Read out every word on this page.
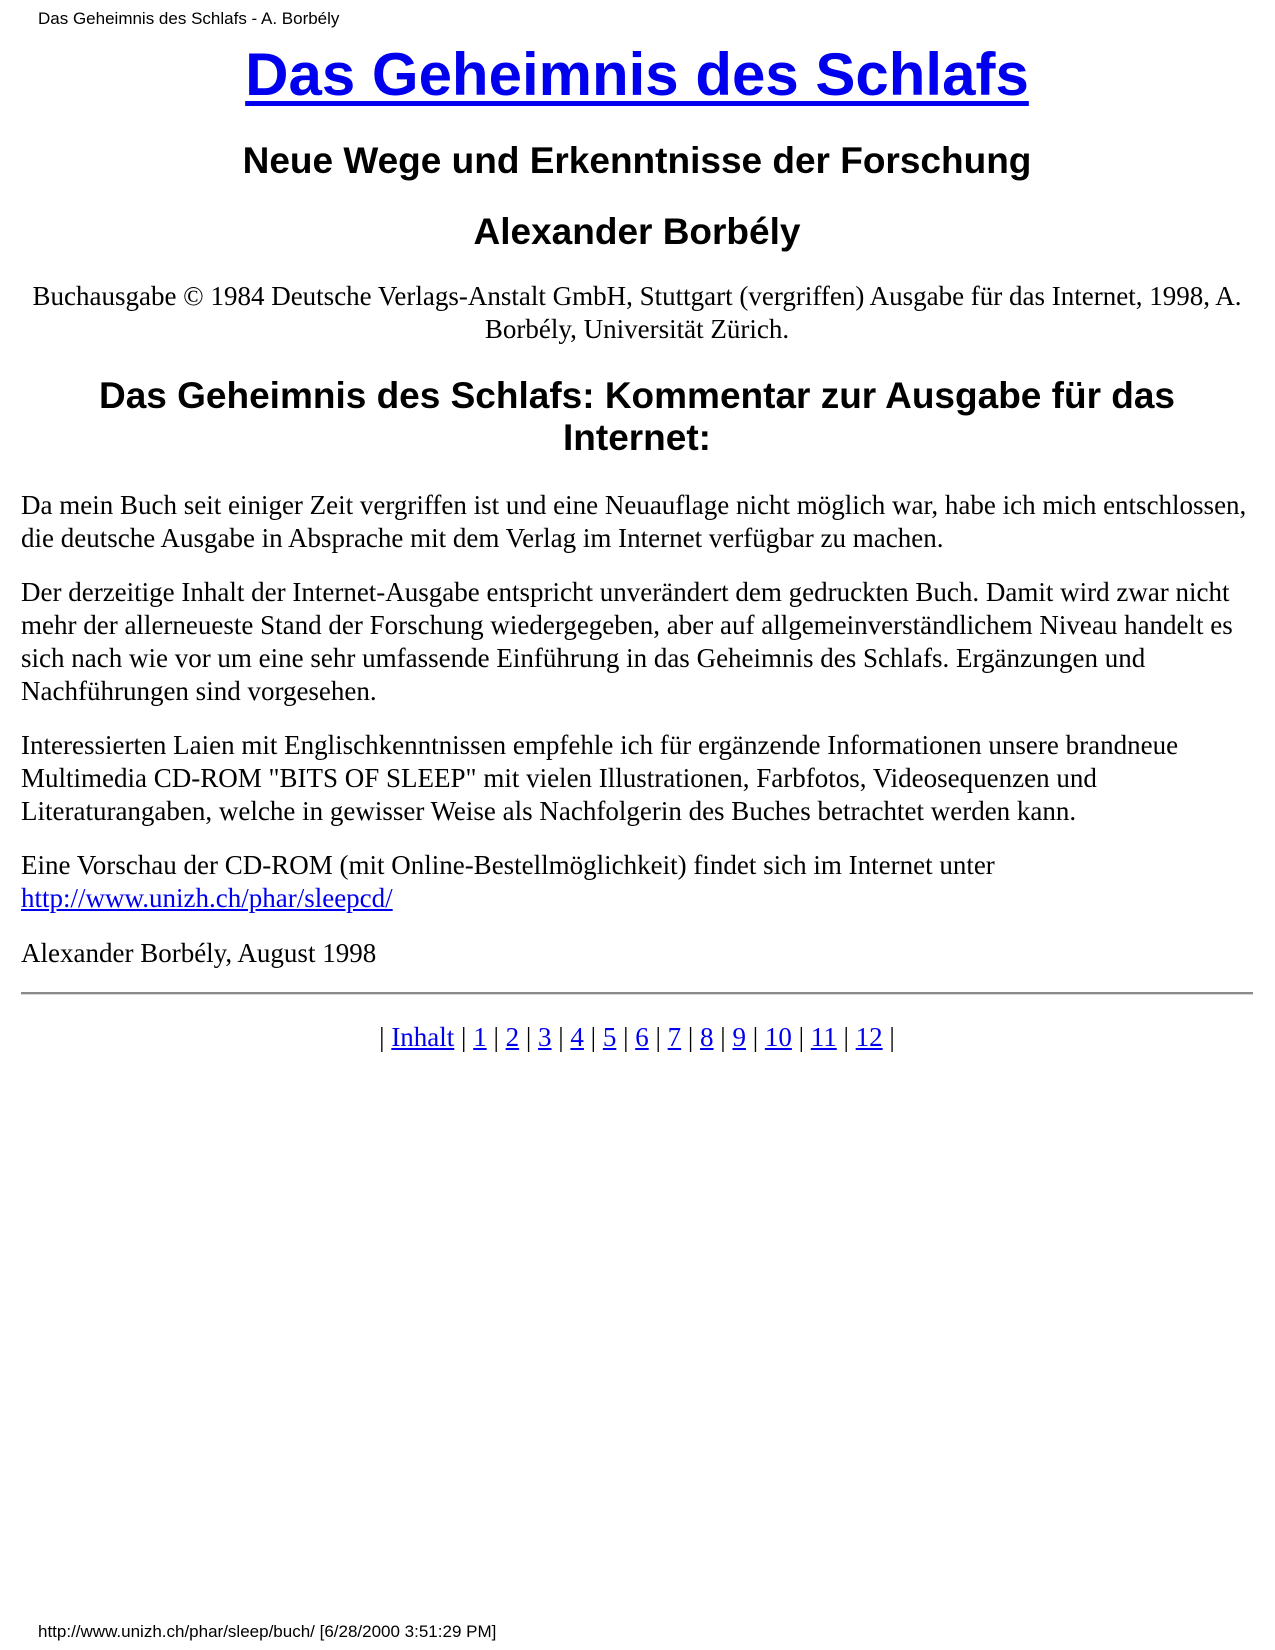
Das Geheimnis des Schlafs - A. Borbély
Das Geheimnis des Schlafs
Neue Wege und Erkenntnisse der Forschung
Alexander Borbély

Buchausgabe © 1984 Deutsche Verlags-Anstalt GmbH, Stuttgart (vergriffen) Ausgabe für das Internet, 1998, A. Borbély, Universität Zürich.

Das Geheimnis des Schlafs: Kommentar zur Ausgabe für das Internet:

Da mein Buch seit einiger Zeit vergriffen ist und eine Neuauflage nicht möglich war, habe ich mich entschlossen, die deutsche Ausgabe in Absprache mit dem Verlag im Internet verfügbar zu machen.

Der derzeitige Inhalt der Internet-Ausgabe entspricht unverändert dem gedruckten Buch. Damit wird zwar nicht mehr der allerneueste Stand der Forschung wiedergegeben, aber auf allgemeinverständlichem Niveau handelt es sich nach wie vor um eine sehr umfassende Einführung in das Geheimnis des Schlafs. Ergänzungen und Nachführungen sind vorgesehen.

Interessierten Laien mit Englischkenntnissen empfehle ich für ergänzende Informationen unsere brandneue Multimedia CD-ROM "BITS OF SLEEP" mit vielen Illustrationen, Farbfotos, Videosequenzen und Literaturangaben, welche in gewisser Weise als Nachfolgerin des Buches betrachtet werden kann.

Eine Vorschau der CD-ROM (mit Online-Bestellmöglichkeit) findet sich im Internet unter
http://www.unizh.ch/phar/sleepcd/

Alexander Borbély, August 1998

| Inhalt | 1 | 2 | 3 | 4 | 5 | 6 | 7 | 8 | 9 | 10 | 11 | 12 |
http://www.unizh.ch/phar/sleep/buch/ [6/28/2000 3:51:29 PM]
